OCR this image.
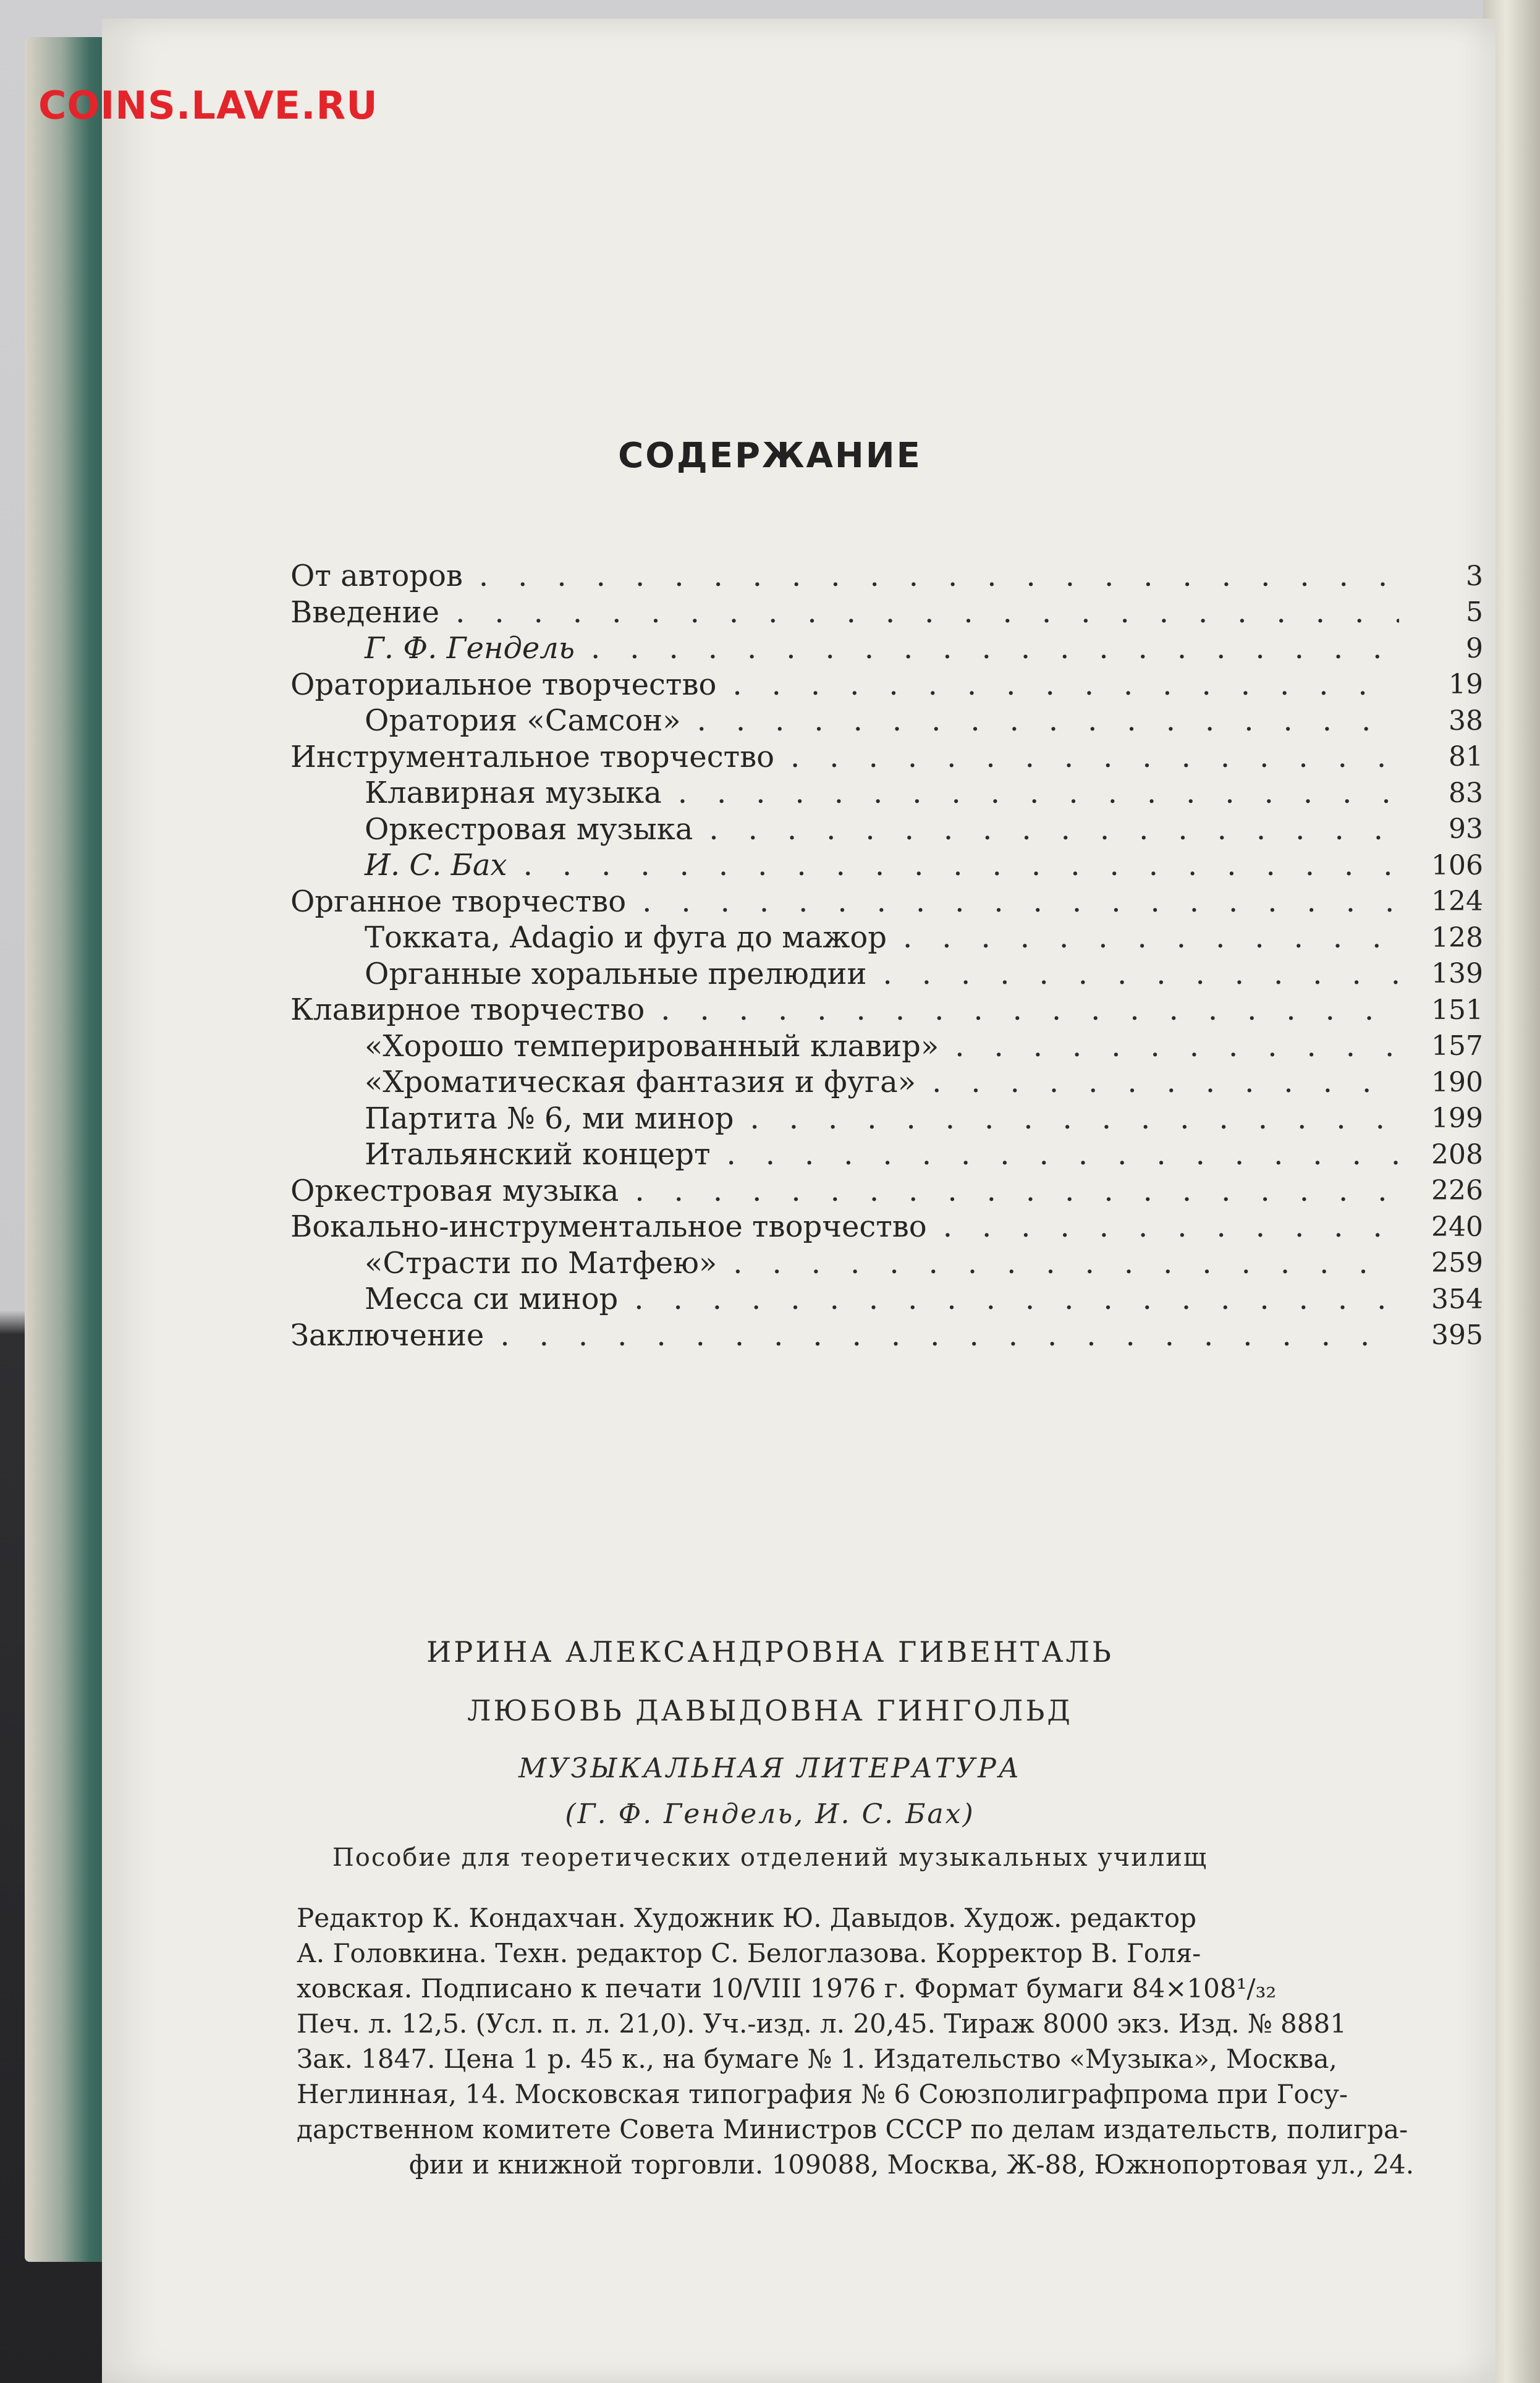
COINS.LAVE.RU
СОДЕРЖАНИЕ
От авторов .....	3
Введение .....	5
Г. Ф. Гендель .....	9
Ораториальное творчество .....	19
Оратория «Самсон» .....	38
Инструментальное творчество .....	81
Клавирная музыка .....	83
Оркестровая музыка .....	93
И. С. Бах .....	106
Органное творчество .....	124
Токката, Adagio и фуга до мажор .....	128
Органные хоральные прелюдии .....	139
Клавирное творчество .....	151
«Хорошо темперированный клавир» .....	157
«Хроматическая фантазия и фуга» .....	190
Партита № 6, ми минор .....	199
Итальянский концерт .....	208
Оркестровая музыка .....	226
Вокально-инструментальное творчество .....	240
«Страсти по Матфею» .....	259
Месса си минор .....	354
Заключение .....	395
ИРИНА АЛЕКСАНДРОВНА ГИВЕНТАЛЬ
ЛЮБОВЬ ДАВЫДОВНА ГИНГОЛЬД
МУЗЫКАЛЬНАЯ ЛИТЕРАТУРА
(Г. Ф. Гендель, И. С. Бах)
Пособие для теоретических отделений музыкальных училищ
Редактор К. Кондахчан. Художник Ю. Давыдов. Худож. редактор
А. Головкина. Техн. редактор С. Белоглазова. Корректор В. Голя-
ховская. Подписано к печати 10/VIII 1976 г. Формат бумаги 84×108¹/₃₂
Печ. л. 12,5. (Усл. п. л. 21,0). Уч.-изд. л. 20,45. Тираж 8000 экз. Изд. № 8881
Зак. 1847. Цена 1 р. 45 к., на бумаге № 1. Издательство «Музыка», Москва,
Неглинная, 14. Московская типография № 6 Союзполиграфпрома при Госу-
дарственном комитете Совета Министров СССР по делам издательств, полигра-
фии и книжной торговли. 109088, Москва, Ж-88, Южнопортовая ул., 24.
